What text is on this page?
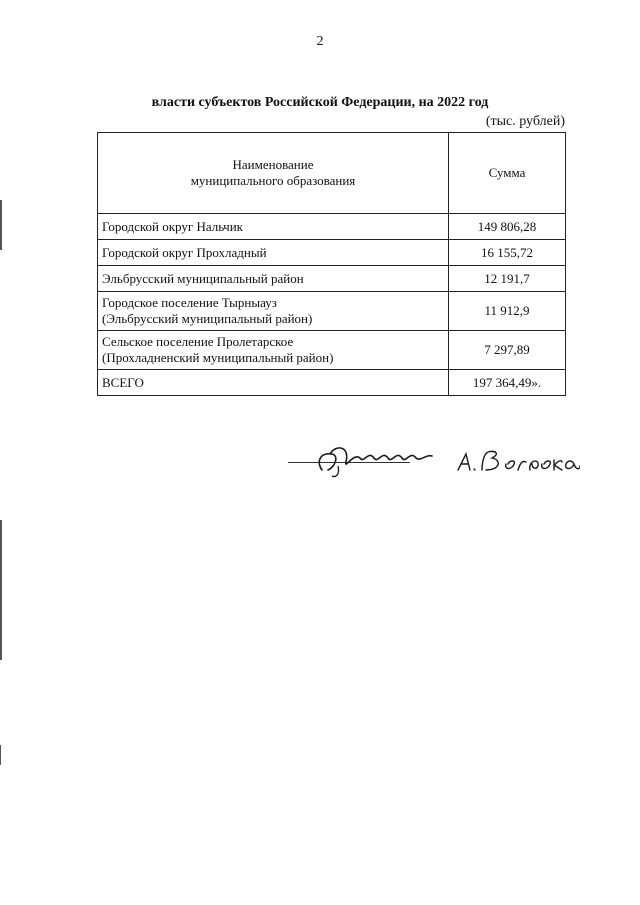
2
власти субъектов Российской Федерации, на 2022 год
(тыс. рублей)
Наименование
муниципального образования	Сумма

Городской округ Нальчик	149 806,28

Городской округ Прохладный	16 155,72

Эльбрусский муниципальный район	12 191,7

Городское поселение Тырныауз
(Эльбрусский муниципальный район)	11 912,9

Сельское поселение Пролетарское
(Прохладненский муниципальный район)	7 297,89

ВСЕГО	197 364,49».
